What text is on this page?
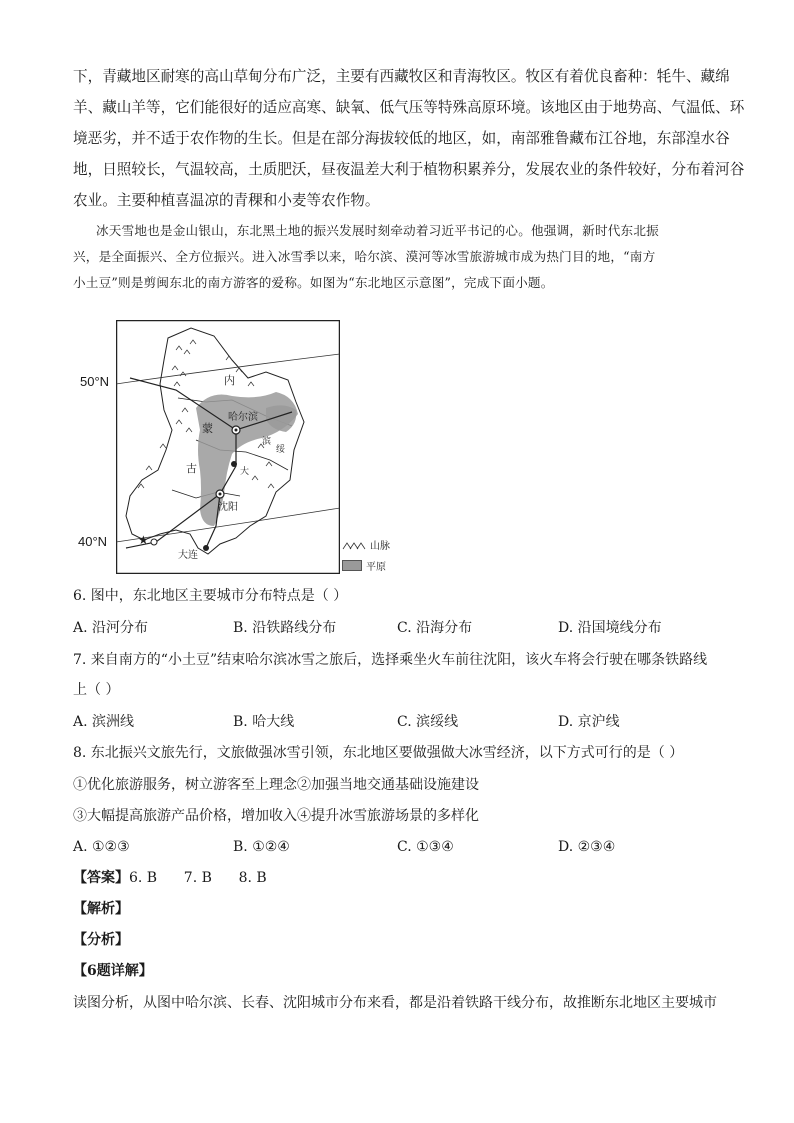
下，青藏地区耐寒的高山草甸分布广泛，主要有西藏牧区和青海牧区。牧区有着优良畜种：牦牛、藏绵
羊、藏山羊等，它们能很好的适应高寒、缺氧、低气压等特殊高原环境。该地区由于地势高、气温低、环
境恶劣，并不适于农作物的生长。但是在部分海拔较低的地区，如，南部雅鲁藏布江谷地，东部湟水谷
地，日照较长，气温较高，土质肥沃，昼夜温差大利于植物积累养分，发展农业的条件较好，分布着河谷
农业。主要种植喜温凉的青稞和小麦等农作物。
冰天雪地也是金山银山，东北黑土地的振兴发展时刻牵动着习近平书记的心。他强调，新时代东北振
兴，是全面振兴、全方位振兴。进入冰雪季以来，哈尔滨、漠河等冰雪旅游城市成为热门目的地，“南方
小土豆”则是剪闽东北的南方游客的爱称。如图为“东北地区示意图”，完成下面小题。
50°N
40°N
内
蒙
古
滨
绥
大
哈尔滨
沈阳
大连
★	山脉
平原
6. 图中，东北地区主要城市分布特点是（ ）
A. 沿河分布	B. 沿铁路线分布	C. 沿海分布	D. 沿国境线分布
7. 来自南方的“小土豆”结束哈尔滨冰雪之旅后，选择乘坐火车前往沈阳，该火车将会行驶在哪条铁路线
上（ ）
A. 滨洲线	B. 哈大线	C. 滨绥线	D. 京沪线
8. 东北振兴文旅先行，文旅做强冰雪引领，东北地区要做强做大冰雪经济，以下方式可行的是（ ）
①优化旅游服务，树立游客至上理念②加强当地交通基础设施建设
③大幅提高旅游产品价格，增加收入④提升冰雪旅游场景的多样化
A. ①②③	B. ①②④	C. ①③④	D. ②③④
【答案】6. B      7. B      8. B
【解析】
【分析】
【6题详解】
读图分析，从图中哈尔滨、长春、沈阳城市分布来看，都是沿着铁路干线分布，故推断东北地区主要城市
